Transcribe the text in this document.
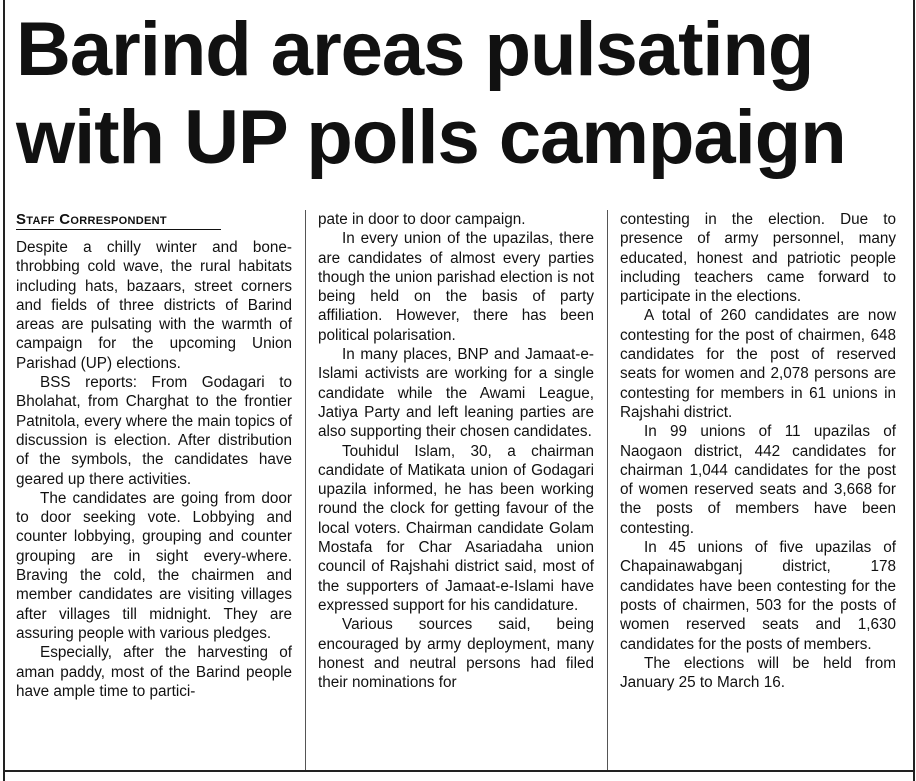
Barind areas pulsating
with UP polls campaign
Staff Correspondent

Despite a chilly winter and bone-throbbing cold wave, the rural habitats including hats, bazaars, street corners and fields of three districts of Barind areas are pulsating with the warmth of campaign for the upcoming Union Parishad (UP) elections.

BSS reports: From Godagari to Bholahat, from Charghat to the frontier Patnitola, every where the main topics of discussion is election. After distribution of the symbols, the candidates have geared up there activities.

The candidates are going from door to door seeking vote. Lobbying and counter lobbying, grouping and counter grouping are in sight every-where. Braving the cold, the chairmen and member candidates are visiting villages after villages till midnight. They are assuring people with various pledges.

Especially, after the harvesting of aman paddy, most of the Barind people have ample time to partici-

pate in door to door campaign.

In every union of the upazilas, there are candidates of almost every parties though the union parishad election is not being held on the basis of party affiliation. However, there has been political polarisation.

In many places, BNP and Jamaat-e-Islami activists are working for a single candidate while the Awami League, Jatiya Party and left leaning parties are also supporting their chosen candidates.

Touhidul Islam, 30, a chairman candidate of Matikata union of Godagari upazila informed, he has been working round the clock for getting favour of the local voters. Chairman candidate Golam Mostafa for Char Asariadaha union council of Rajshahi district said, most of the supporters of Jamaat-e-Islami have expressed support for his candidature.

Various sources said, being encouraged by army deployment, many honest and neutral persons had filed their nominations for

contesting in the election. Due to presence of army personnel, many educated, honest and patriotic people including teachers came forward to participate in the elections.

A total of 260 candidates are now contesting for the post of chairmen, 648 candidates for the post of reserved seats for women and 2,078 persons are contesting for members in 61 unions in Rajshahi district.

In 99 unions of 11 upazilas of Naogaon district, 442 candidates for chairman 1,044 candidates for the post of women reserved seats and 3,668 for the posts of members have been contesting.

In 45 unions of five upazilas of Chapainawabganj district, 178 candidates have been contesting for the posts of chairmen, 503 for the posts of women reserved seats and 1,630 candidates for the posts of members.

The elections will be held from January 25 to March 16.
